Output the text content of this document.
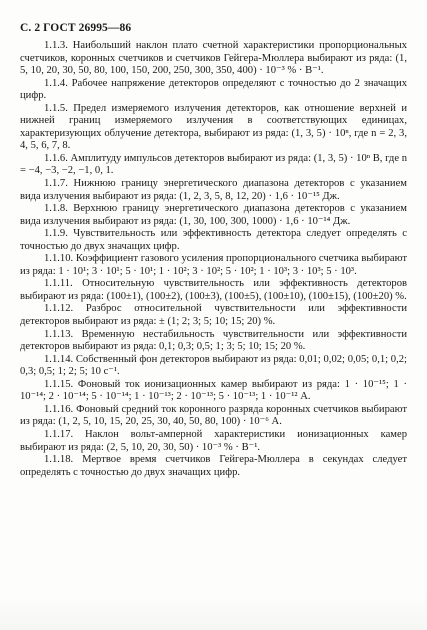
С. 2 ГОСТ 26995—86

1.1.3. Наибольший наклон плато счетной характеристики пропорциональных счетчиков, коронных счетчиков и счетчиков Гейгера-Мюллера выбирают из ряда: (1, 5, 10, 20, 30, 50, 80, 100, 150, 200, 250, 300, 350, 400) · 10⁻³ % · В⁻¹.

1.1.4. Рабочее напряжение детекторов определяют с точностью до 2 значащих цифр.

1.1.5. Предел измеряемого излучения детекторов, как отношение верхней и нижней границ измеряемого излучения в соответствующих единицах, характеризующих облучение детектора, выбирают из ряда: (1, 3, 5) · 10ⁿ, где n = 2, 3, 4, 5, 6, 7, 8.

1.1.6. Амплитуду импульсов детекторов выбирают из ряда: (1, 3, 5) · 10ⁿ В, где n = −4, −3, −2, −1, 0, 1.

1.1.7. Нижнюю границу энергетического диапазона детекторов с указанием вида излучения выбирают из ряда: (1, 2, 3, 5, 8, 12, 20) · 1,6 · 10⁻¹⁵ Дж.

1.1.8. Верхнюю границу энергетического диапазона детекторов с указанием вида излучения выбирают из ряда: (1, 30, 100, 300, 1000) · 1,6 · 10⁻¹⁴ Дж.

1.1.9. Чувствительность или эффективность детектора следует определять с точностью до двух значащих цифр.

1.1.10. Коэффициент газового усиления пропорционального счетчика выбирают из ряда: 1 · 10¹; 3 · 10¹; 5 · 10¹; 1 · 10²; 3 · 10²; 5 · 10²; 1 · 10³; 3 · 10³; 5 · 10³.

1.1.11. Относительную чувствительность или эффективность детекторов выбирают из ряда: (100±1), (100±2), (100±3), (100±5), (100±10), (100±15), (100±20) %.

1.1.12. Разброс относительной чувствительности или эффективности детекторов выбирают из ряда: ± (1; 2; 3; 5; 10; 15; 20) %.

1.1.13. Временную нестабильность чувствительности или эффективности детекторов выбирают из ряда: 0,1; 0,3; 0,5; 1; 3; 5; 10; 15; 20 %.

1.1.14. Собственный фон детекторов выбирают из ряда: 0,01; 0,02; 0,05; 0,1; 0,2; 0,3; 0,5; 1; 2; 5; 10 с⁻¹.

1.1.15. Фоновый ток ионизационных камер выбирают из ряда: 1 · 10⁻¹⁵; 1 · 10⁻¹⁴; 2 · 10⁻¹⁴; 5 · 10⁻¹⁴; 1 · 10⁻¹³; 2 · 10⁻¹³; 5 · 10⁻¹³; 1 · 10⁻¹² А.

1.1.16. Фоновый средний ток коронного разряда коронных счетчиков выбирают из ряда: (1, 2, 5, 10, 15, 20, 25, 30, 40, 50, 80, 100) · 10⁻⁶ А.

1.1.17. Наклон вольт-амперной характеристики ионизационных камер выбирают из ряда: (2, 5, 10, 20, 30, 50) · 10⁻³ % · В⁻¹.

1.1.18. Мертвое время счетчиков Гейгера-Мюллера в секундах следует определять с точностью до двух значащих цифр.
